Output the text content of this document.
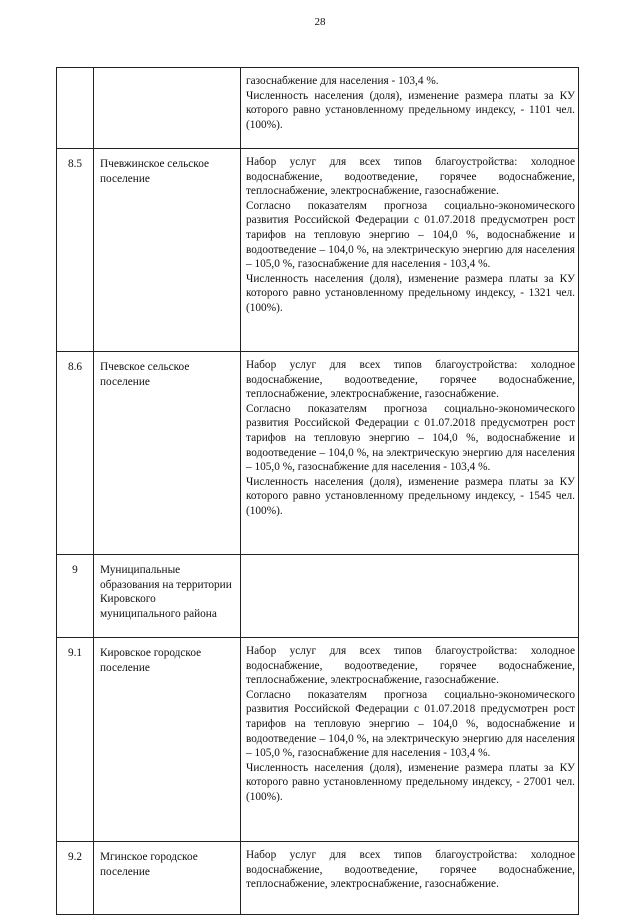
28

		газоснабжение для населения - 103,4 %.
Численность населения (доля), изменение размера платы за КУ которого равно установленному предельному индексу, - 1101 чел. (100%).

8.5	Пчевжинское сельское поселение	Набор услуг для всех типов благоустройства: холодное водоснабжение, водоотведение, горячее водоснабжение, теплоснабжение, электроснабжение, газоснабжение.
Согласно показателям прогноза социально-экономического развития Российской Федерации с 01.07.2018 предусмотрен рост тарифов на тепловую энергию – 104,0 %, водоснабжение и водоотведение – 104,0 %, на электрическую энергию для населения – 105,0 %, газоснабжение для населения - 103,4 %.
Численность населения (доля), изменение размера платы за КУ которого равно установленному предельному индексу, - 1321 чел. (100%).

8.6	Пчевское сельское поселение	Набор услуг для всех типов благоустройства: холодное водоснабжение, водоотведение, горячее водоснабжение, теплоснабжение, электроснабжение, газоснабжение.
Согласно показателям прогноза социально-экономического развития Российской Федерации с 01.07.2018 предусмотрен рост тарифов на тепловую энергию – 104,0 %, водоснабжение и водоотведение – 104,0 %, на электрическую энергию для населения – 105,0 %, газоснабжение для населения - 103,4 %.
Численность населения (доля), изменение размера платы за КУ которого равно установленному предельному индексу, - 1545 чел. (100%).

9	Муниципальные образования на территории Кировского муниципального района	
9.1	Кировское городское поселение	Набор услуг для всех типов благоустройства: холодное водоснабжение, водоотведение, горячее водоснабжение, теплоснабжение, электроснабжение, газоснабжение.
Согласно показателям прогноза социально-экономического развития Российской Федерации с 01.07.2018 предусмотрен рост тарифов на тепловую энергию – 104,0 %, водоснабжение и водоотведение – 104,0 %, на электрическую энергию для населения – 105,0 %, газоснабжение для населения - 103,4 %.
Численность населения (доля), изменение размера платы за КУ которого равно установленному предельному индексу, - 27001 чел. (100%).

9.2	Мгинское городское поселение	Набор услуг для всех типов благоустройства: холодное водоснабжение, водоотведение, горячее водоснабжение, теплоснабжение, электроснабжение, газоснабжение.
